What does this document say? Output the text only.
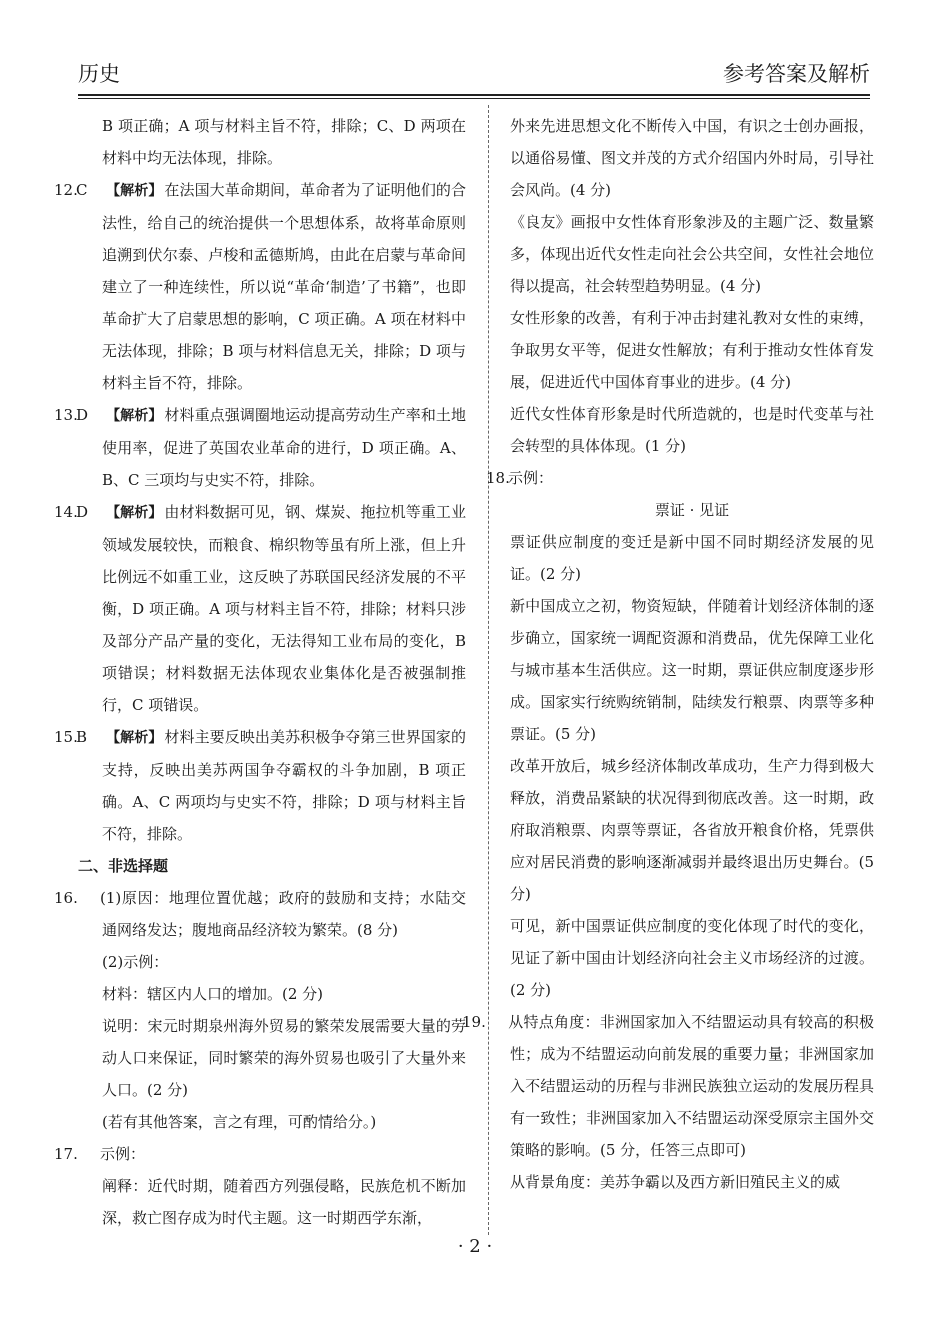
历史	参考答案及解析

B 项正确；A 项与材料主旨不符，排除；C、D 两项在材料中均无法体现，排除。

12.C 【解析】 在法国大革命期间，革命者为了证明他们的合法性，给自己的统治提供一个思想体系，故将革命原则追溯到伏尔泰、卢梭和孟德斯鸠，由此在启蒙与革命间建立了一种连续性，所以说“革命‘制造’了书籍”，也即革命扩大了启蒙思想的影响，C 项正确。A 项在材料中无法体现，排除；B 项与材料信息无关，排除；D 项与材料主旨不符，排除。

13.D 【解析】 材料重点强调圈地运动提高劳动生产率和土地使用率，促进了英国农业革命的进行，D 项正确。A、B、C 三项均与史实不符，排除。

14.D 【解析】 由材料数据可见，钢、煤炭、拖拉机等重工业领域发展较快，而粮食、棉织物等虽有所上涨，但上升比例远不如重工业，这反映了苏联国民经济发展的不平衡，D 项正确。A 项与材料主旨不符，排除；材料只涉及部分产品产量的变化，无法得知工业布局的变化，B 项错误；材料数据无法体现农业集体化是否被强制推行，C 项错误。

15.B 【解析】 材料主要反映出美苏积极争夺第三世界国家的支持，反映出美苏两国争夺霸权的斗争加剧，B 项正确。A、C 两项均与史实不符，排除；D 项与材料主旨不符，排除。

二、非选择题

16. (1)原因：地理位置优越；政府的鼓励和支持；水陆交通网络发达；腹地商品经济较为繁荣。(8 分)

(2)示例：

材料：辖区内人口的增加。(2 分)

说明：宋元时期泉州海外贸易的繁荣发展需要大量的劳动人口来保证，同时繁荣的海外贸易也吸引了大量外来人口。(2 分)

(若有其他答案，言之有理，可酌情给分。)

17. 示例：

阐释：近代时期，随着西方列强侵略，民族危机不断加深，救亡图存成为时代主题。这一时期西学东渐，

外来先进思想文化不断传入中国，有识之士创办画报，以通俗易懂、图文并茂的方式介绍国内外时局，引导社会风尚。(4 分)

《良友》画报中女性体育形象涉及的主题广泛、数量繁多，体现出近代女性走向社会公共空间，女性社会地位得以提高，社会转型趋势明显。(4 分)

女性形象的改善，有利于冲击封建礼教对女性的束缚，争取男女平等，促进女性解放；有利于推动女性体育发展，促进近代中国体育事业的进步。(4 分)

近代女性体育形象是时代所造就的，也是时代变革与社会转型的具体体现。(1 分)

18.示例：

票证 · 见证

票证供应制度的变迁是新中国不同时期经济发展的见证。(2 分)

新中国成立之初，物资短缺，伴随着计划经济体制的逐步确立，国家统一调配资源和消费品，优先保障工业化与城市基本生活供应。这一时期，票证供应制度逐步形成。国家实行统购统销制，陆续发行粮票、肉票等多种票证。(5 分)

改革开放后，城乡经济体制改革成功，生产力得到极大释放，消费品紧缺的状况得到彻底改善。这一时期，政府取消粮票、肉票等票证，各省放开粮食价格，凭票供应对居民消费的影响逐渐减弱并最终退出历史舞台。(5 分)

可见，新中国票证供应制度的变化体现了时代的变化，见证了新中国由计划经济向社会主义市场经济的过渡。(2 分)

19. 从特点角度：非洲国家加入不结盟运动具有较高的积极性；成为不结盟运动向前发展的重要力量；非洲国家加入不结盟运动的历程与非洲民族独立运动的发展历程具有一致性；非洲国家加入不结盟运动深受原宗主国外交策略的影响。(5 分，任答三点即可)

从背景角度：美苏争霸以及西方新旧殖民主义的威

· 2 ·
